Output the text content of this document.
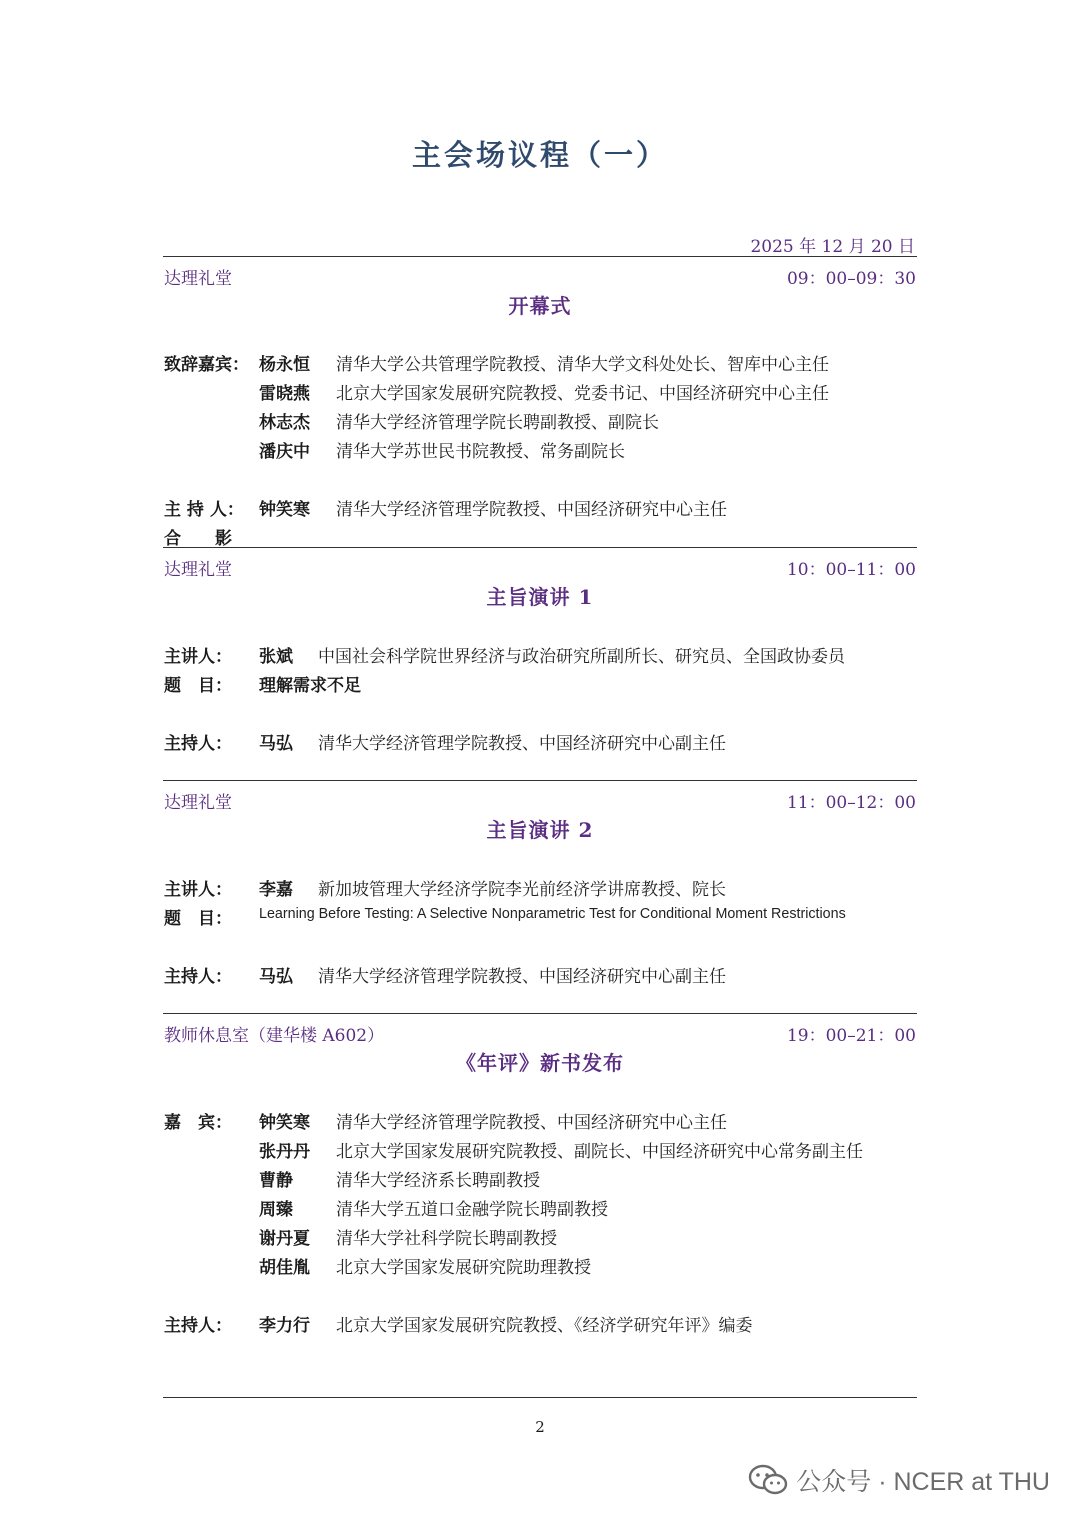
主会场议程（一）
2025 年 12 月 20 日
达理礼堂	09：00–09：30
开幕式
致辞嘉宾： 杨永恒 清华大学公共管理学院教授、清华大学文科处处长、智库中心主任
雷晓燕 北京大学国家发展研究院教授、党委书记、中国经济研究中心主任
林志杰 清华大学经济管理学院长聘副教授、副院长
潘庆中 清华大学苏世民书院教授、常务副院长
主 持 人： 钟笑寒 清华大学经济管理学院教授、中国经济研究中心主任
合　　影
达理礼堂	10：00–11：00
主旨演讲 1
主讲人： 张斌 中国社会科学院世界经济与政治研究所副所长、研究员、全国政协委员
题　目： 理解需求不足
主持人： 马弘 清华大学经济管理学院教授、中国经济研究中心副主任
达理礼堂	11：00–12：00
主旨演讲 2
主讲人： 李嘉 新加坡管理大学经济学院李光前经济学讲席教授、院长
题　目： Learning Before Testing: A Selective Nonparametric Test for Conditional Moment Restrictions
主持人： 马弘 清华大学经济管理学院教授、中国经济研究中心副主任
教师休息室（建华楼 A602）	19：00–21：00
《年评》新书发布
嘉　宾： 钟笑寒 清华大学经济管理学院教授、中国经济研究中心主任
张丹丹 北京大学国家发展研究院教授、副院长、中国经济研究中心常务副主任
曹静	清华大学经济系长聘副教授
周臻	清华大学五道口金融学院长聘副教授
谢丹夏 清华大学社科学院长聘副教授
胡佳胤 北京大学国家发展研究院助理教授
主持人： 李力行 北京大学国家发展研究院教授、《经济学研究年评》编委
2
公众号 · NCER at THU
